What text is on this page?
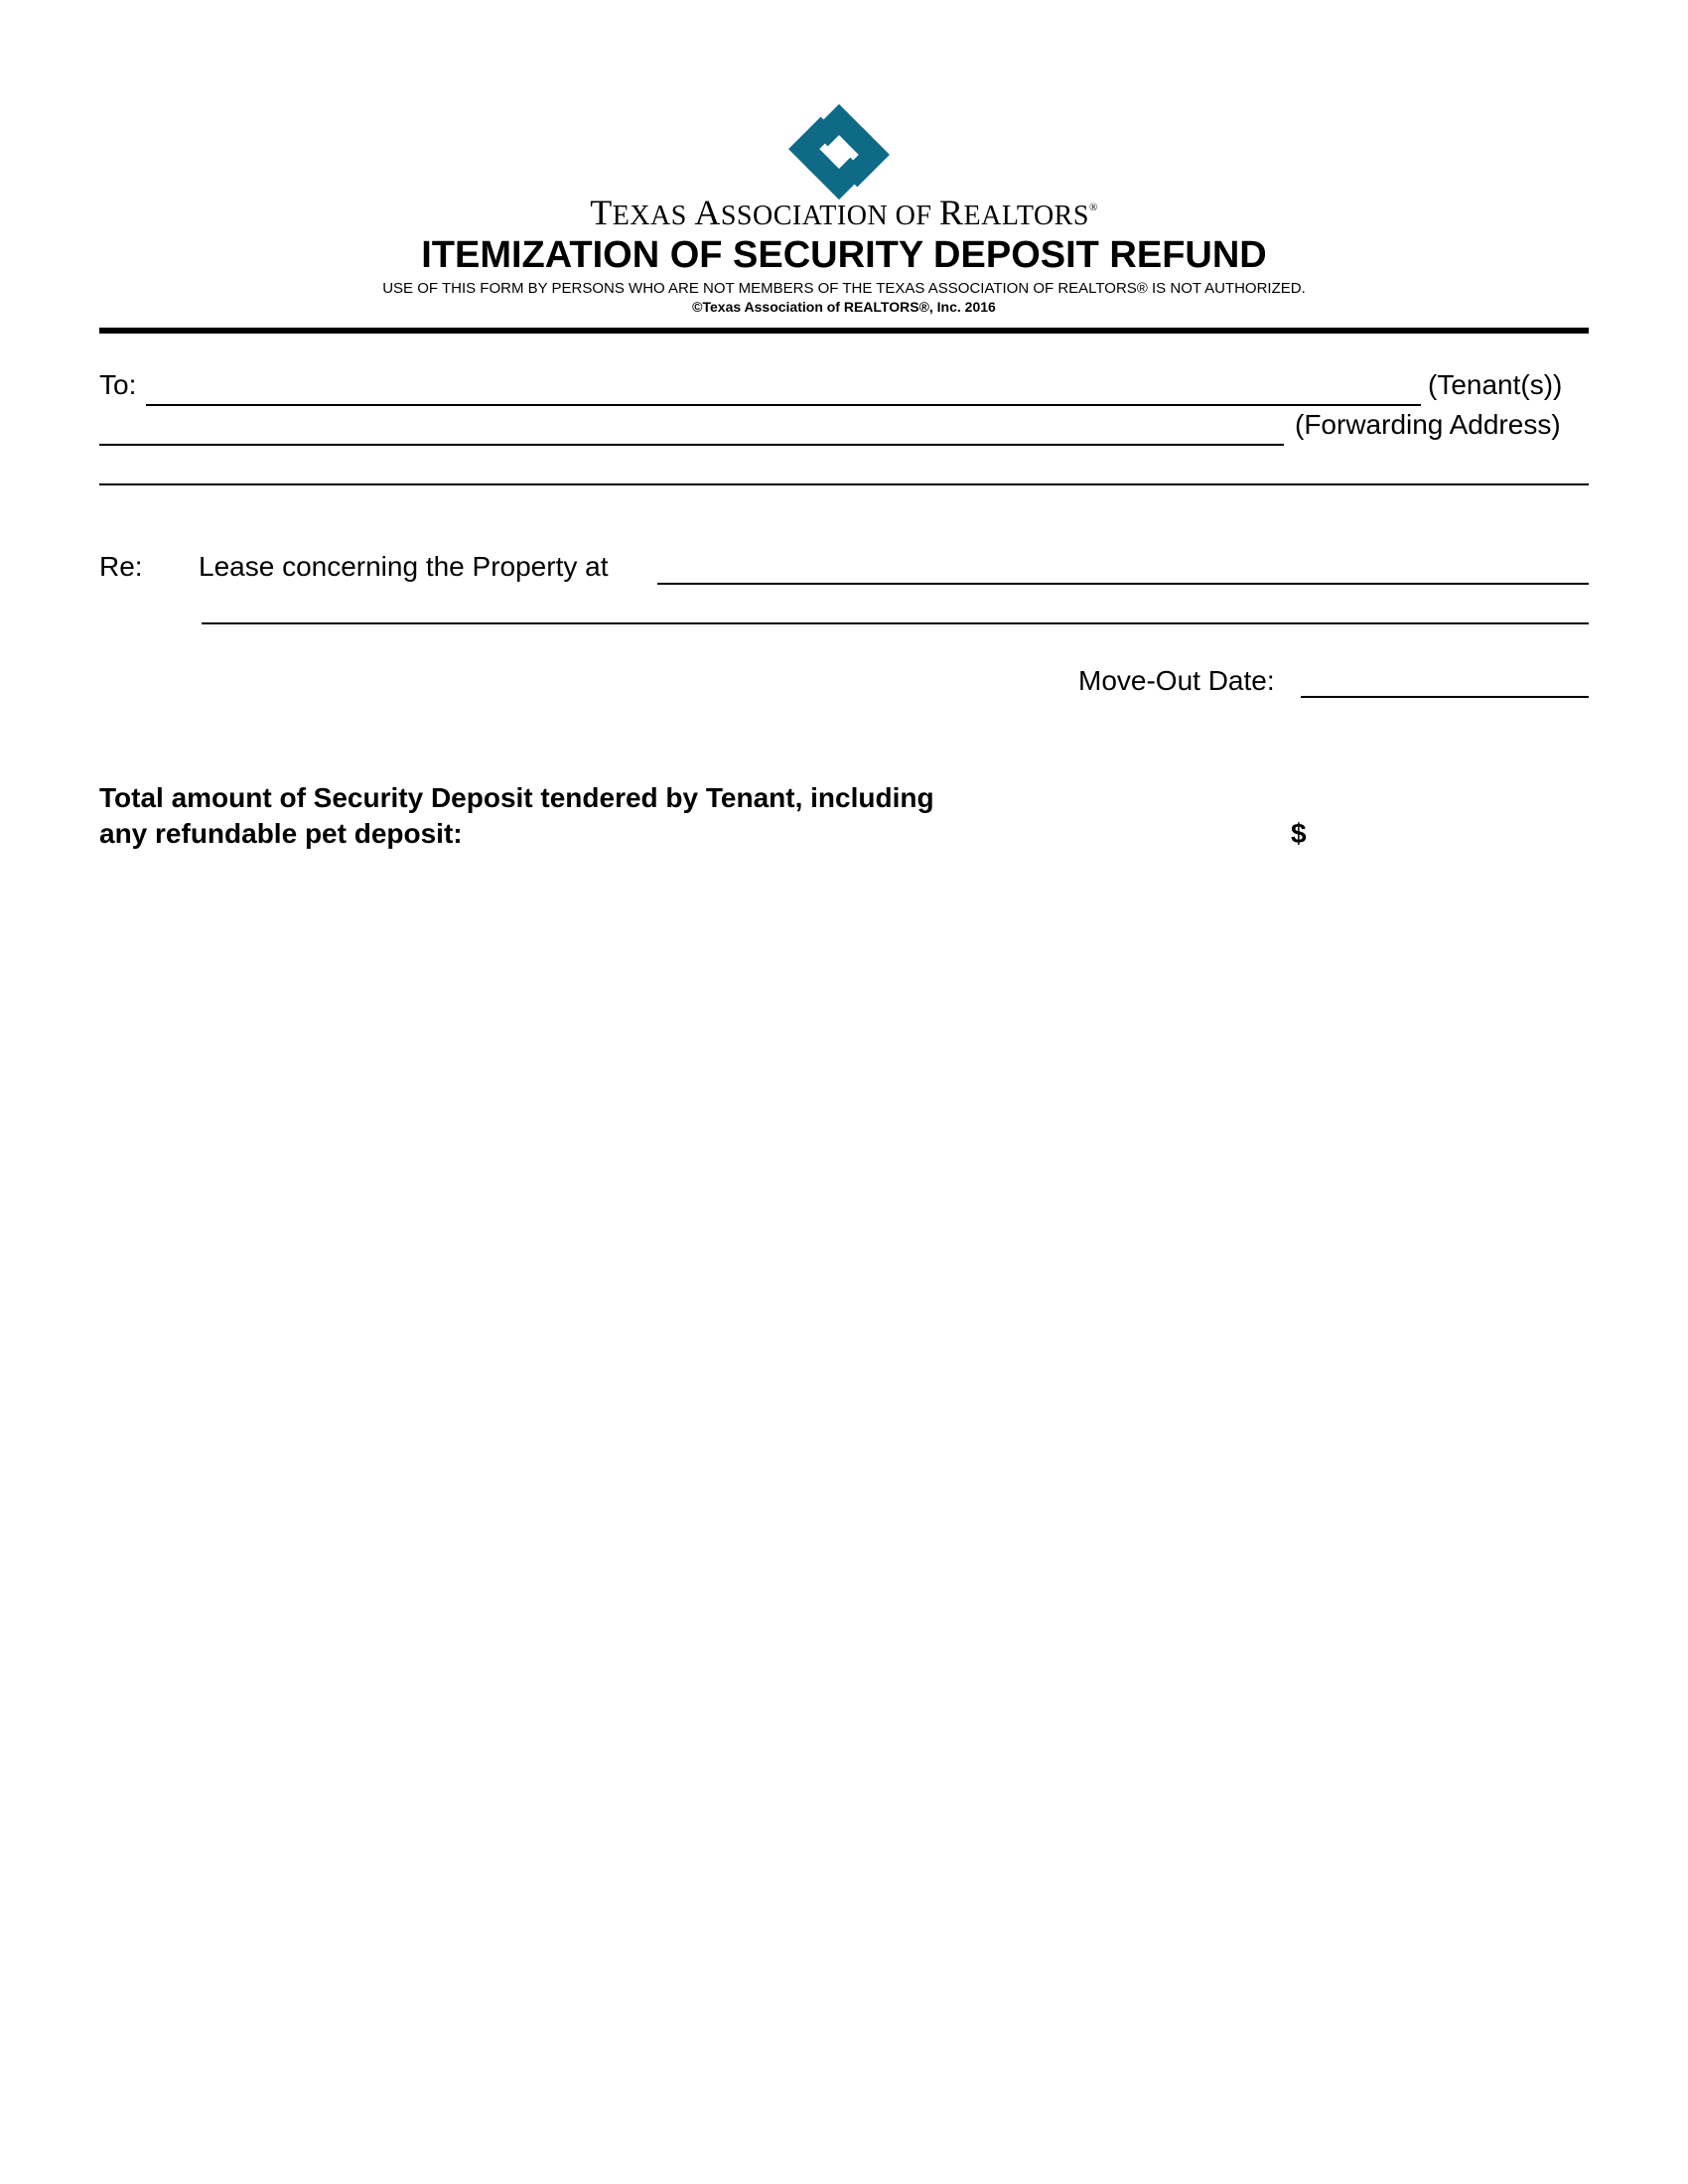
TEXAS ASSOCIATION OF REALTORS®
ITEMIZATION OF SECURITY DEPOSIT REFUND
USE OF THIS FORM BY PERSONS WHO ARE NOT MEMBERS OF THE TEXAS ASSOCIATION OF REALTORS® IS NOT AUTHORIZED.
©Texas Association of REALTORS®, Inc. 2016
To:	(Tenant(s))
(Forwarding Address)
Re: Lease concerning the Property at
Move-Out Date:
Total amount of Security Deposit tendered by Tenant, including
any refundable pet deposit:	$
